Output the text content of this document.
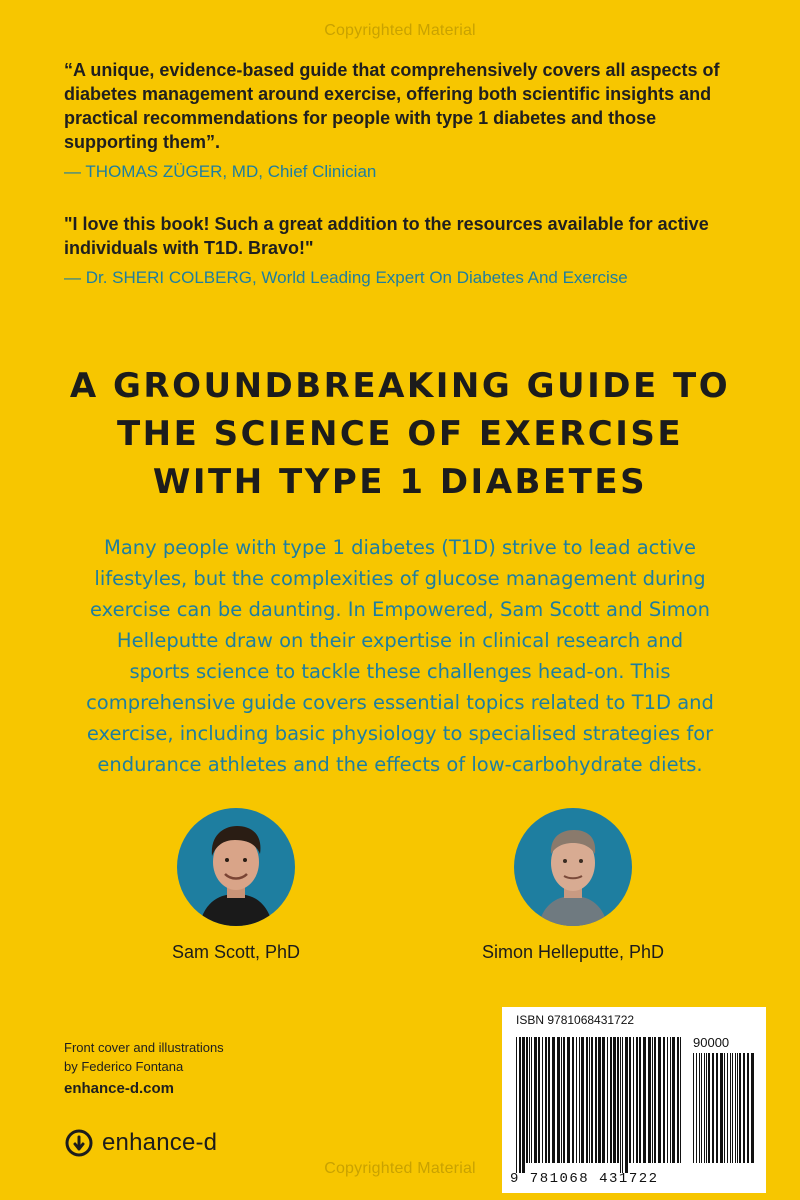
Copyrighted Material

“A unique, evidence-based guide that comprehensively covers all aspects of diabetes management around exercise, offering both scientific insights and practical recommendations for people with type 1 diabetes and those supporting them”.

— THOMAS ZÜGER, MD, Chief Clinician

"I love this book! Such a great addition to the resources available for active individuals with T1D. Bravo!"

— Dr. SHERI COLBERG, World Leading Expert On Diabetes And Exercise

A GROUNDBREAKING GUIDE TO
THE SCIENCE OF EXERCISE
WITH TYPE 1 DIABETES
Many people with type 1 diabetes (T1D) strive to lead active
lifestyles, but the complexities of glucose management during
exercise can be daunting. In Empowered, Sam Scott and Simon
Helleputte draw on their expertise in clinical research and
sports science to tackle these challenges head-on. This
comprehensive guide covers essential topics related to T1D and
exercise, including basic physiology to specialised strategies for
endurance athletes and the effects of low-carbohydrate diets.
Sam Scott, PhD	Simon Helleputte, PhD
Front cover and illustrations
by Federico Fontana
enhance-d.com
enhance-d
ISBN 9781068431722
90000
9 781068 431722
Copyrighted Material
